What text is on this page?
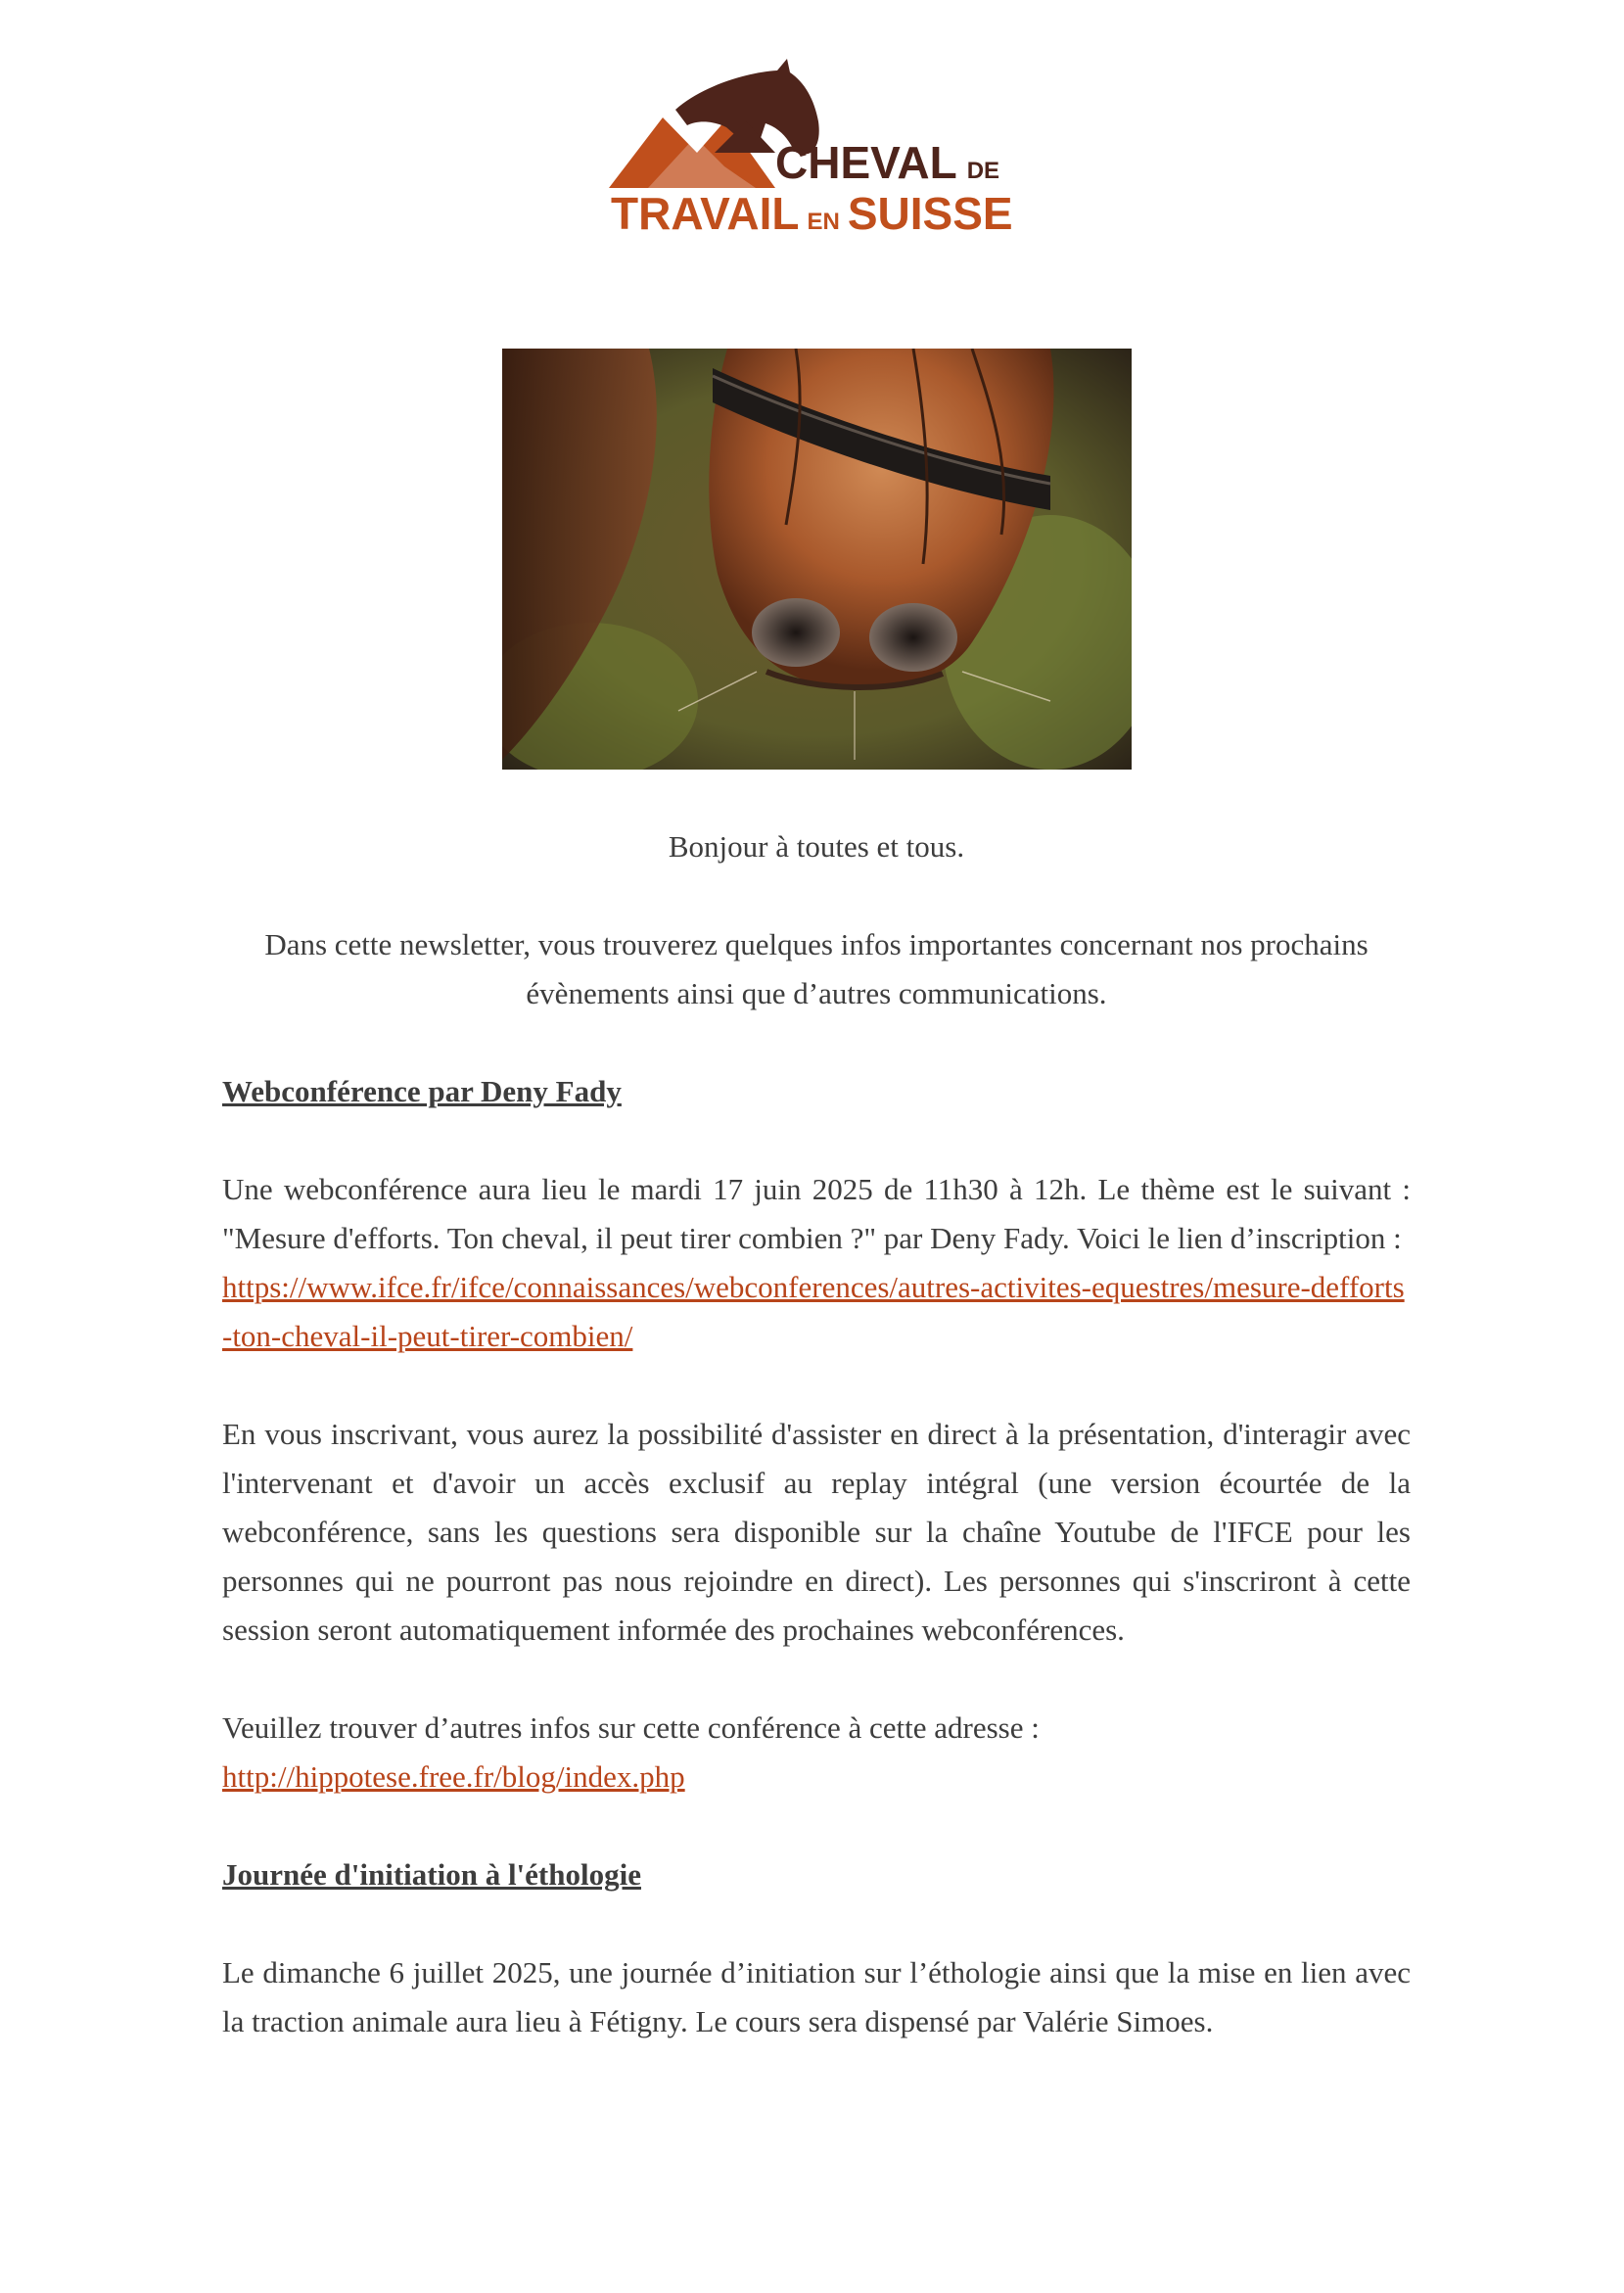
CHEVAL DE
TRAVAIL EN SUISSE

Bonjour à toutes et tous.

Dans cette newsletter, vous trouverez quelques infos importantes concernant nos prochains évènements ainsi que d’autres communications.

Webconférence par Deny Fady

Une webconférence aura lieu le mardi 17 juin 2025 de 11h30 à 12h. Le thème est le suivant : "Mesure d'efforts. Ton cheval, il peut tirer combien ?" par Deny Fady. Voici le lien d’inscription :
https://www.ifce.fr/ifce/connaissances/webconferences/autres-activites-equestres/mesure-defforts-ton-cheval-il-peut-tirer-combien/

En vous inscrivant, vous aurez la possibilité d'assister en direct à la présentation, d'interagir avec l'intervenant et d'avoir un accès exclusif au replay intégral (une version écourtée de la webconférence, sans les questions sera disponible sur la chaîne Youtube de l'IFCE pour les personnes qui ne pourront pas nous rejoindre en direct). Les personnes qui s'inscriront à cette session seront automatiquement informée des prochaines webconférences.

Veuillez trouver d’autres infos sur cette conférence à cette adresse :
http://hippotese.free.fr/blog/index.php

Journée d'initiation à l'éthologie

Le dimanche 6 juillet 2025, une journée d’initiation sur l’éthologie ainsi que la mise en lien avec la traction animale aura lieu à Fétigny. Le cours sera dispensé par Valérie Simoes.
